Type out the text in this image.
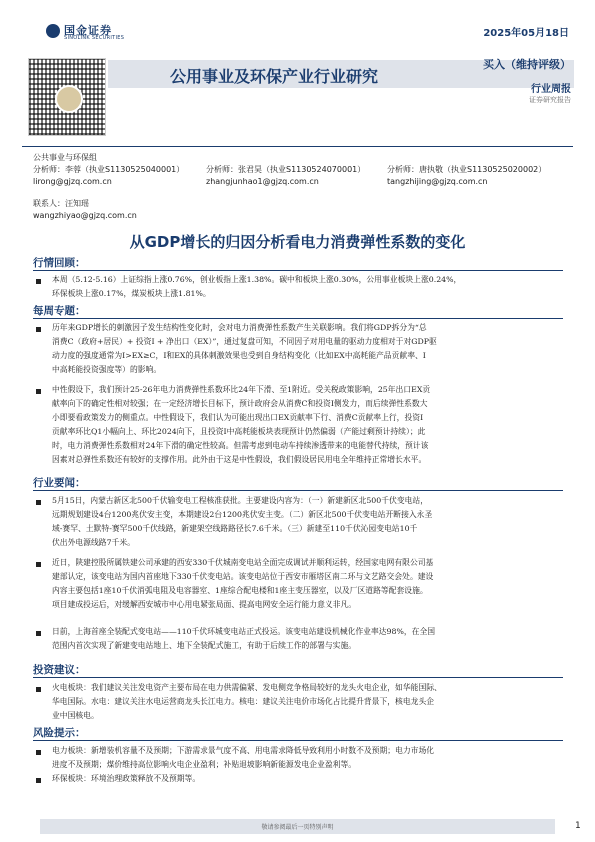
国金证券
SINOLINK SECURITIES	2025年05月18日
公用事业及环保产业行业研究
买入（维持评级）
行业周报
证券研究报告
公共事业与环保组
分析师：李蓉（执业S1130525040001）
lirong@gjzq.com.cn
分析师：张君昊（执业S1130524070001）
zhangjunhao1@gjzq.com.cn
分析师：唐执敬（执业S1130525020002）
tangzhijing@gjzq.com.cn
联系人：汪知瑶
wangzhiyao@gjzq.com.cn
从GDP增长的归因分析看电力消费弹性系数的变化
行情回顾：
本周（5.12-5.16）上证综指上涨0.76%，创业板指上涨1.38%。碳中和板块上涨0.30%，公用事业板块上涨0.24%，
环保板块上涨0.17%，煤炭板块上涨1.81%。
每周专题：
历年来GDP增长的刺激因子发生结构性变化时，会对电力消费弹性系数产生关联影响。我们将GDP拆分为“总
消费C（政府+居民）+ 投资I + 净出口（EX）”，通过复盘可知，不同因子对用电量的驱动力度相对于对GDP驱
动力度的强度通常为I>EX≥C，I和EX的具体刺激效果也受到自身结构变化（比如EX中高耗能产品贡献率、I
中高耗能投资强度等）的影响。
中性假设下，我们预计25-26年电力消费弹性系数环比24年下滑、至1附近。受关税政策影响，25年出口EX贡
献率向下的确定性相对较强；在一定经济增长目标下，预计政府会从消费C和投资I侧发力，而后续弹性系数大
小即要看政策发力的侧重点。中性假设下，我们认为可能出现出口EX贡献率下行、消费C贡献率上行，投资I
贡献率环比Q1小幅向上、环比2024向下，且投资I中高耗能板块表现预计仍然偏弱（产能过剩预计持续）；此
时，电力消费弹性系数相对24年下滑的确定性较高。但需考虑到电动车持续渗透带来的电能替代持续，预计该
因素对总弹性系数还有较好的支撑作用。此外由于这是中性假设，我们假设居民用电全年维持正常增长水平。
行业要闻：
5月15日，内蒙古新区北500千伏输变电工程核准获批。主要建设内容为：（一）新建新区北500千伏变电站，
远期规划建设4台1200兆伏安主变，本期建设2台1200兆伏安主变。（二）新区北500千伏变电站开断接入永圣
域-赛罕、土默特-赛罕500千伏线路，新建架空线路路径长7.6千米。（三）新建至110千伏沁园变电站10千
伏出外电源线路7千米。
近日，陕建控股所属铁建公司承建的西安330千伏城南变电站全面完成调试并顺利运转，经国家电网有限公司基
建部认定，该变电站为国内首座地下330千伏变电站。该变电站位于西安市雁塔区南二环与文艺路交会处。建设
内容主要包括1座10千伏消弧电阻及电容器室、1座综合配电楼和1座主变压器室，以及厂区道路等配套设施。
项目建成投运后，对缓解西安城市中心用电紧张局面、提高电网安全运行能力意义非凡。
日前，上海首座全装配式变电站——110千伏环城变电站正式投运。该变电站建设机械化作业率达98%，在全国
范围内首次实现了新建变电站地上、地下全装配式施工，有助于后续工作的部署与实施。
投资建议：
火电板块：我们建议关注发电资产主要布局在电力供需偏紧、发电侧竞争格局较好的龙头火电企业，如华能国际、
华电国际。水电：建议关注水电运营商龙头长江电力。核电：建议关注电价市场化占比提升背景下，核电龙头企
业中国核电。
风险提示：
电力板块：新增装机容量不及预期；下游需求景气度不高、用电需求降低导致利用小时数不及预期；电力市场化
进度不及预期；煤价维持高位影响火电企业盈利；补贴退坡影响新能源发电企业盈利等。
环保板块：环境治理政策释放不及预期等。
敬请参阅最后一页特别声明	1
